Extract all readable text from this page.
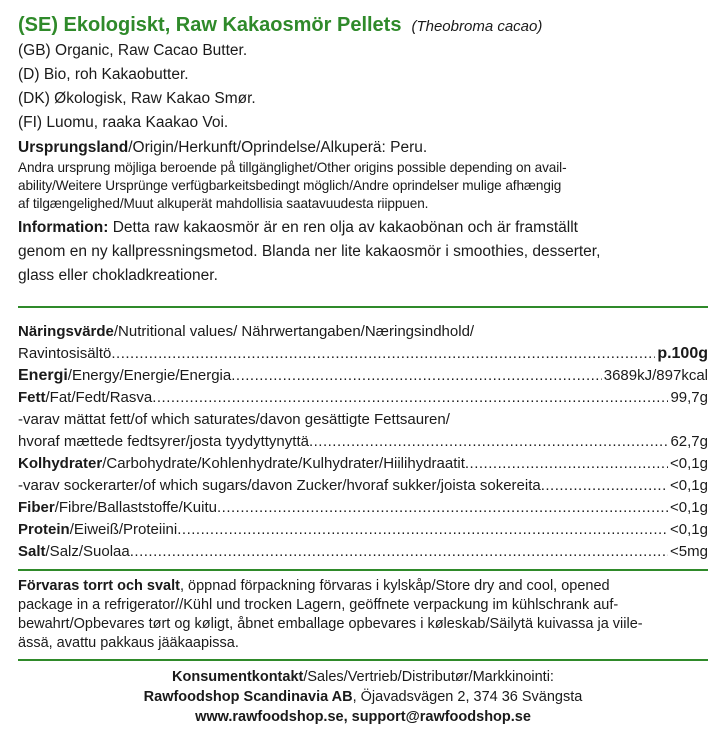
(SE) Ekologiskt, Raw Kakaosmör Pellets (Theobroma cacao)

(GB) Organic, Raw Cacao Butter.

(D) Bio, roh Kakaobutter.

(DK) Økologisk, Raw Kakao Smør.

(FI) Luomu, raaka Kaakao Voi.

Ursprungsland/Origin/Herkunft/Oprindelse/Alkuperä: Peru.
Andra ursprung möjliga beroende på tillgänglighet/Other origins possible depending on avail-
ability/Weitere Ursprünge verfügbarkeitsbedingt möglich/Andre oprindelser mulige afhængig
af tilgængelighed/Muut alkuperät mahdollisia saatavuudesta riippuen.
Information: Detta raw kakaosmör är en ren olja av kakaobönan och är framställt
genom en ny kallpressningsmetod. Blanda ner lite kakaosmör i smoothies, desserter,
glass eller chokladkreationer.
Näringsvärde/Nutritional values/ Nährwertangaben/Næringsindhold/
Ravintosisältö .....	p.100g
Energi/Energy/Energie/Energia .....	3689kJ/897kcal
Fett/Fat/Fedt/Rasva .....	99,7g
-varav mättat fett/of which saturates/davon gesättigte Fettsauren/
hvoraf mættede fedtsyrer/josta tyydyttynyttä .....	62,7g
Kolhydrater/Carbohydrate/Kohlenhydrate/Kulhydrater/Hiilihydraatit .....	<0,1g
-varav sockerarter/of which sugars/davon Zucker/hvoraf sukker/joista sokereita .....	<0,1g
Fiber/Fibre/Ballaststoffe/Kuitu .....	<0,1g
Protein/Eiweiß/Proteiini .....	<0,1g
Salt/Salz/Suolaa .....	<5mg
Förvaras torrt och svalt, öppnad förpackning förvaras i kylskåp/Store dry and cool, opened
package in a refrigerator//Kühl und trocken Lagern, geöffnete verpackung im kühlschrank auf-
bewahrt/Opbevares tørt og køligt, åbnet emballage opbevares i køleskab/Säilytä kuivassa ja viile-
ässä, avattu pakkaus jääkaapissa.
Konsumentkontakt/Sales/Vertrieb/Distributør/Markkinointi:
Rawfoodshop Scandinavia AB, Öjavadsvägen 2, 374 36 Svängsta
www.rawfoodshop.se, support@rawfoodshop.se
